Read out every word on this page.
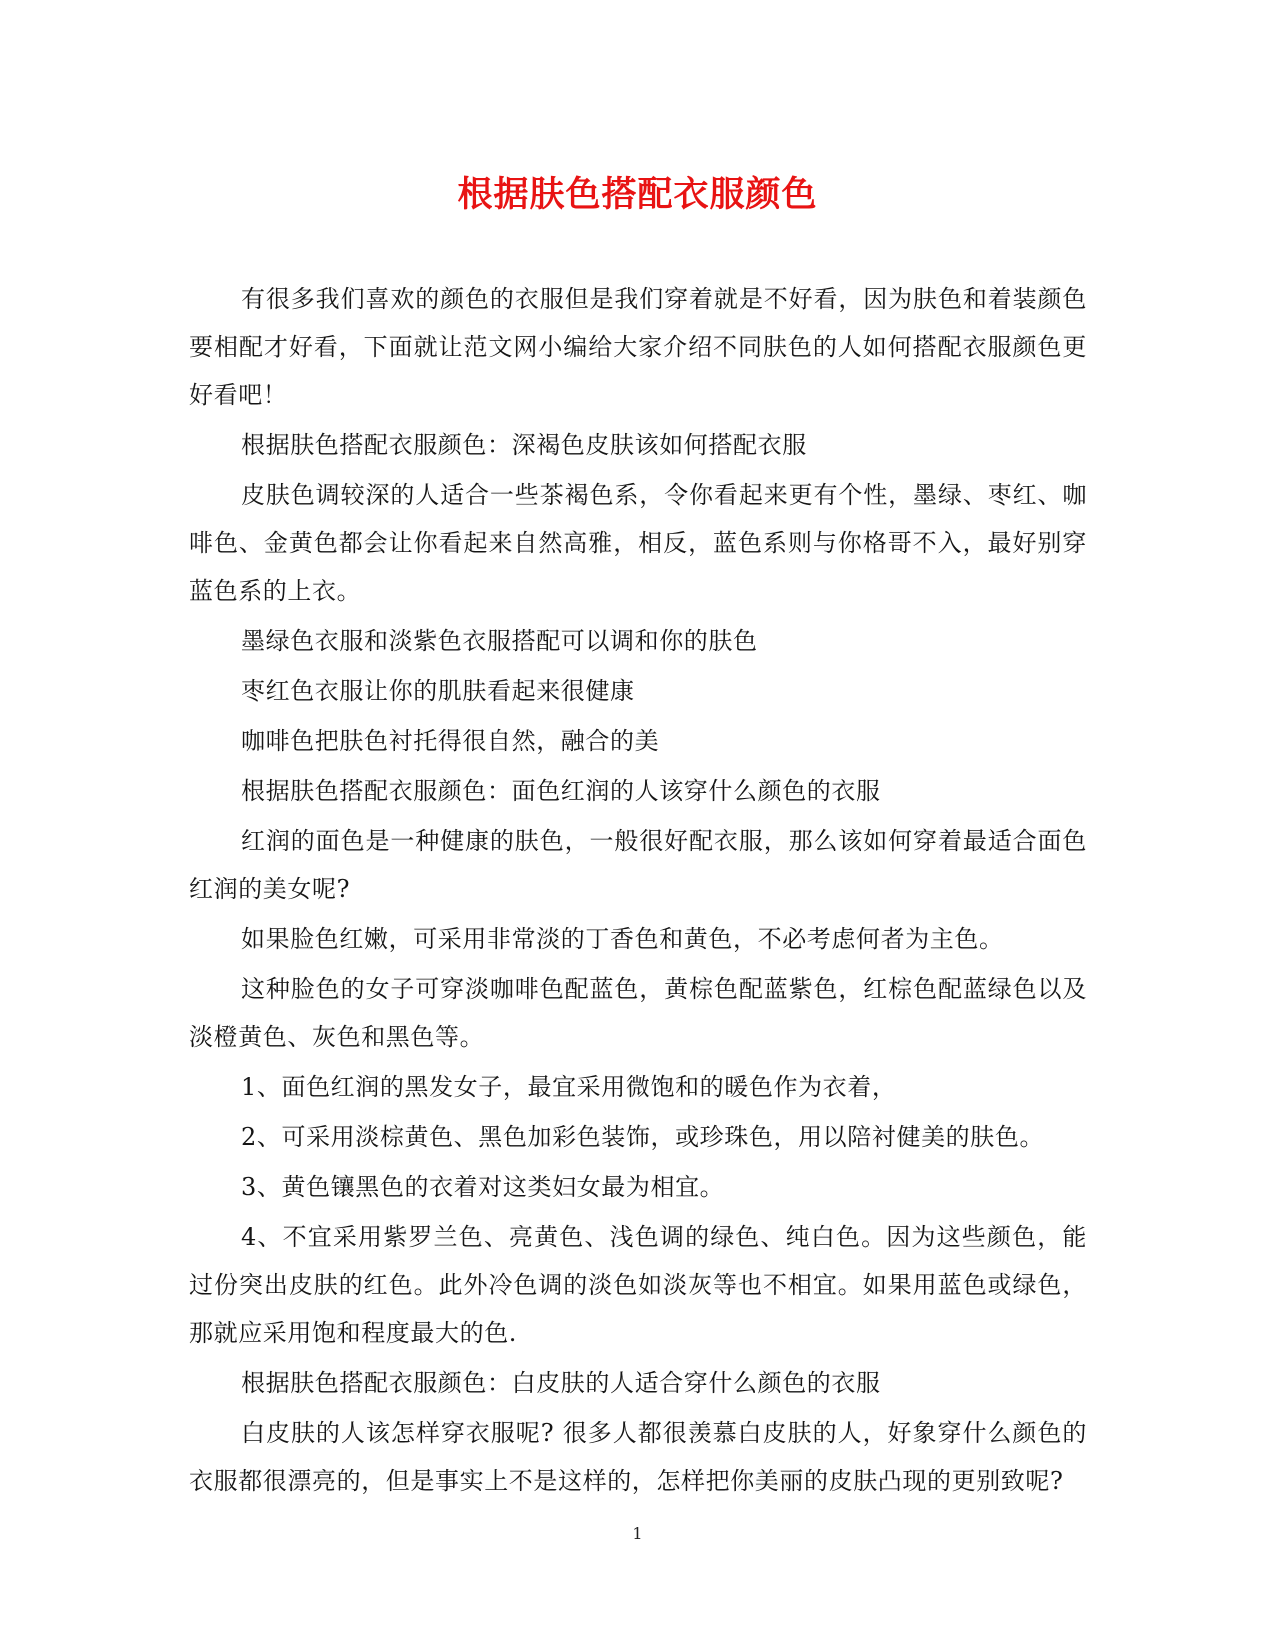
根据肤色搭配衣服颜色

有很多我们喜欢的颜色的衣服但是我们穿着就是不好看，因为肤色和着装颜色要相配才好看，下面就让范文网小编给大家介绍不同肤色的人如何搭配衣服颜色更好看吧！

根据肤色搭配衣服颜色：深褐色皮肤该如何搭配衣服

皮肤色调较深的人适合一些茶褐色系，令你看起来更有个性，墨绿、枣红、咖啡色、金黄色都会让你看起来自然高雅，相反，蓝色系则与你格哥不入，最好别穿蓝色系的上衣。

墨绿色衣服和淡紫色衣服搭配可以调和你的肤色

枣红色衣服让你的肌肤看起来很健康

咖啡色把肤色衬托得很自然，融合的美

根据肤色搭配衣服颜色：面色红润的人该穿什么颜色的衣服

红润的面色是一种健康的肤色，一般很好配衣服，那么该如何穿着最适合面色红润的美女呢?

如果脸色红嫩，可采用非常淡的丁香色和黄色，不必考虑何者为主色。

这种脸色的女子可穿淡咖啡色配蓝色，黄棕色配蓝紫色，红棕色配蓝绿色以及淡橙黄色、灰色和黑色等。

1、面色红润的黑发女子，最宜采用微饱和的暖色作为衣着，

2、可采用淡棕黄色、黑色加彩色装饰，或珍珠色，用以陪衬健美的肤色。

3、黄色镶黑色的衣着对这类妇女最为相宜。

4、不宜采用紫罗兰色、亮黄色、浅色调的绿色、纯白色。因为这些颜色，能过份突出皮肤的红色。此外冷色调的淡色如淡灰等也不相宜。如果用蓝色或绿色，那就应采用饱和程度最大的色.

根据肤色搭配衣服颜色：白皮肤的人适合穿什么颜色的衣服

白皮肤的人该怎样穿衣服呢? 很多人都很羡慕白皮肤的人，好象穿什么颜色的衣服都很漂亮的，但是事实上不是这样的，怎样把你美丽的皮肤凸现的更别致呢?

1
